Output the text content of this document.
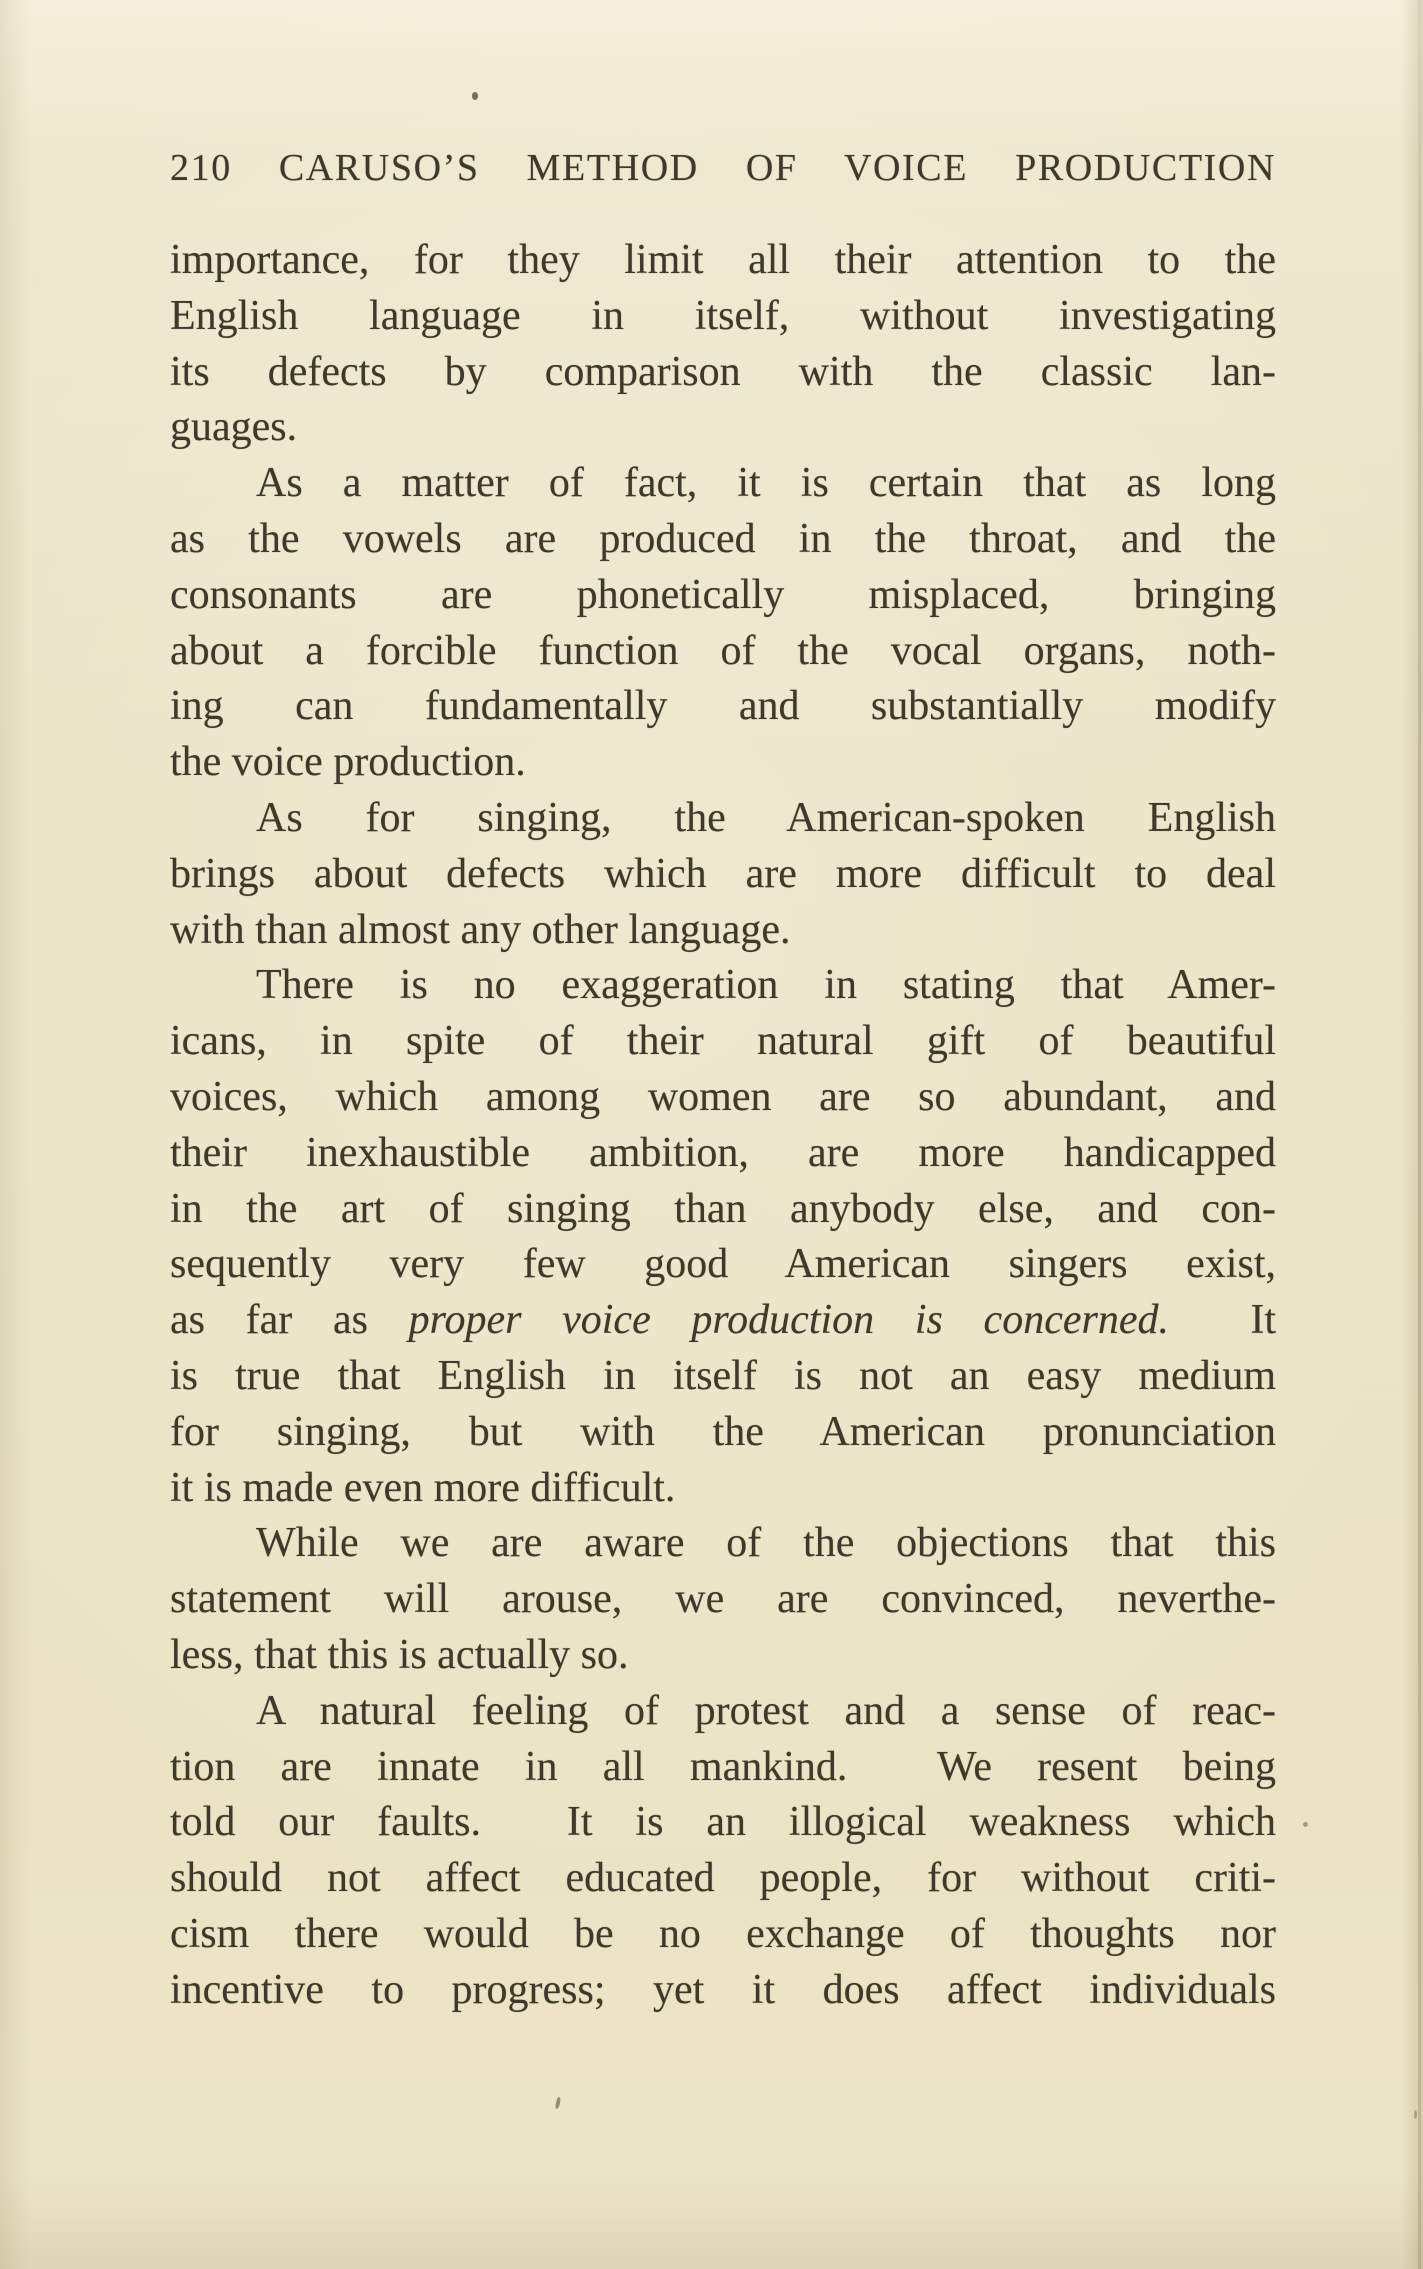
210 CARUSO’S METHOD OF VOICE PRODUCTION
importance, for they limit all their attention to the
English language in itself, without investigating
its defects by comparison with the classic lan-
guages.
As a matter of fact, it is certain that as long
as the vowels are produced in the throat, and the
consonants are phonetically misplaced, bringing
about a forcible function of the vocal organs, noth-
ing can fundamentally and substantially modify
the voice production.
As for singing, the American-spoken English
brings about defects which are more difficult to deal
with than almost any other language.
There is no exaggeration in stating that Amer-
icans, in spite of their natural gift of beautiful
voices, which among women are so abundant, and
their inexhaustible ambition, are more handicapped
in the art of singing than anybody else, and con-
sequently very few good American singers exist,
as far as proper voice production is concerned.  It
is true that English in itself is not an easy medium
for singing, but with the American pronunciation
it is made even more difficult.
While we are aware of the objections that this
statement will arouse, we are convinced, neverthe-
less, that this is actually so.
A natural feeling of protest and a sense of reac-
tion are innate in all mankind.  We resent being
told our faults.  It is an illogical weakness which
should not affect educated people, for without criti-
cism there would be no exchange of thoughts nor
incentive to progress; yet it does affect individuals
